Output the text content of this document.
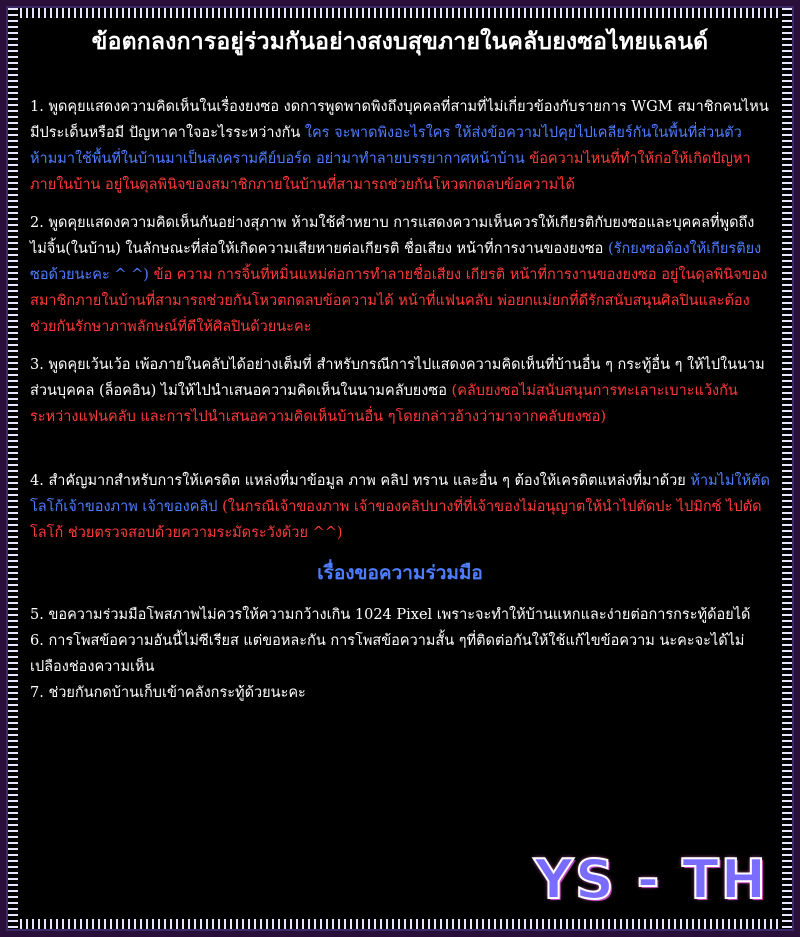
ข้อตกลงการอยู่ร่วมกันอย่างสงบสุขภายในคลับยงซอไทยแลนด์

1. พูดคุยแสดงความคิดเห็นในเรื่องยงซอ งดการพูดพาดพิงถึงบุคคลที่สามที่ไม่เกี่ยวข้องกับรายการ WGM สมาชิกคนไหนมีประเด็นหรือมี ปัญหาคาใจอะไรระหว่างกัน ใคร จะพาดพิงอะไรใคร ให้ส่งข้อความไปคุยไปเคลียร์กันในพื้นที่ส่วนตัว ห้ามมาใช้พื้นที่ในบ้านมาเป็นสงครามคีย์บอร์ด อย่ามาทำลายบรรยากาศหน้าบ้าน ข้อความไหนที่ทำให้ก่อให้เกิดปัญหาภายในบ้าน อยู่ในดุลพินิจของสมาชิกภายในบ้านที่สามารถช่วยกันโหวตกดลบข้อความได้

2. พูดคุยแสดงความคิดเห็นกันอย่างสุภาพ ห้ามใช้คำหยาบ การแสดงความเห็นควรให้เกียรติกับยงซอและบุคคลที่พูดถึง ไม่จิ้น(ในบ้าน) ในลักษณะที่ส่อให้เกิดความเสียหายต่อเกียรติ ชื่อเสียง หน้าที่การงานของยงซอ (รักยงซอต้องให้เกียรติยงซอด้วยนะคะ ^ ^) ข้อ ความ การจิ้นที่หมิ่นแหม่ต่อการทำลายชื่อเสียง เกียรติ หน้าที่การงานของยงซอ อยู่ในดุลพินิจของสมาชิกภายในบ้านที่สามารถช่วยกันโหวตกดลบข้อความได้ หน้าที่แฟนคลับ พ่อยกแม่ยกที่ดีรักสนับสนุนศิลปินและต้องช่วยกันรักษาภาพลักษณ์ที่ดีให้ศิลปินด้วยนะคะ

3. พูดคุยเว้นเว้อ เพ้อภายในคลับได้อย่างเต็มที่ สำหรับกรณีการไปแสดงความคิดเห็นที่บ้านอื่น ๆ กระทู้อื่น ๆ ให้ไปในนามส่วนบุคคล (ล็อคอิน) ไม่ให้ไปนำเสนอความคิดเห็นในนามคลับยงซอ (คลับยงซอไม่สนับสนุนการทะเลาะเบาะแว้งกันระหว่างแฟนคลับ และการไปนำเสนอความคิดเห็นบ้านอื่น ๆโดยกล่าวอ้างว่ามาจากคลับยงซอ)

4. สำคัญมากสำหรับการให้เครดิต แหล่งที่มาข้อมูล ภาพ คลิป ทราน และอื่น ๆ ต้องให้เครดิตแหล่งที่มาด้วย ห้ามไม่ให้ตัดโลโก้เจ้าของภาพ เจ้าของคลิป (ในกรณีเจ้าของภาพ เจ้าของคลิปบางที่ที่เจ้าของไม่อนุญาตให้นำไปตัดปะ ไปมิกซ์ ไปตัดโลโก้ ช่วยตรวจสอบด้วยความระมัดระวังด้วย ^^)

เรื่องขอความร่วมมือ

5. ขอความร่วมมือโพสภาพไม่ควรให้ความกว้างเกิน 1024 Pixel เพราะจะทำให้บ้านแหกและง่ายต่อการกระทู้ด้อยได้

6. การโพสข้อความอันนี้ไม่ซีเรียส แต่ขอหละกัน การโพสข้อความสั้น ๆที่ติดต่อกันให้ใช้แก้ไขข้อความ นะคะจะได้ไม่เปลืองช่องความเห็น

7. ช่วยกันกดบ้านเก็บเข้าคลังกระทู้ด้วยนะคะ

YS - TH
